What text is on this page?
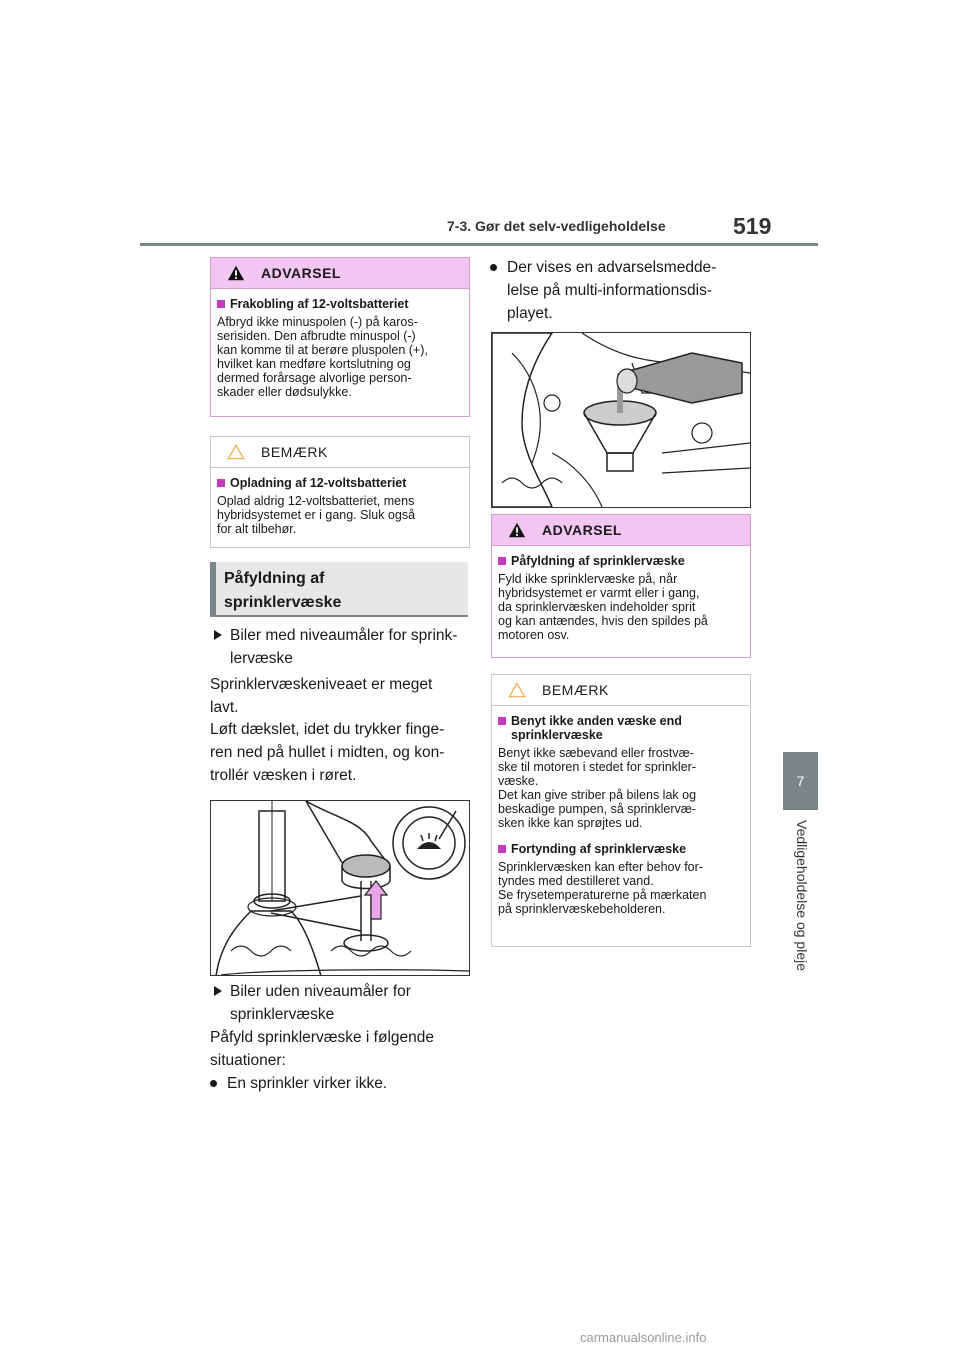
7-3. Gør det selv-vedligeholdelse	519
7
Vedligeholdelse og pleje
ADVARSEL
Frakobling af 12-voltsbatteriet
Afbryd ikke minuspolen (-) på karos-
serisiden. Den afbrudte minuspol (-)
kan komme til at berøre pluspolen (+),
hvilket kan medføre kortslutning og
dermed forårsage alvorlige person-
skader eller dødsulykke.
BEMÆRK
Opladning af 12-voltsbatteriet
Oplad aldrig 12-voltsbatteriet, mens
hybridsystemet er i gang. Sluk også
for alt tilbehør.
Påfyldning af
sprinklervæske
Biler med niveaumåler for sprink-
lervæske
Sprinklervæskeniveaet er meget
lavt.
Løft dækslet, idet du trykker finge-
ren ned på hullet i midten, og kon-
trollér væsken i røret.
Biler uden niveaumåler for
sprinklervæske
Påfyld sprinklervæske i følgende
situationer:
En sprinkler virker ikke.
Der vises en advarselsmedde-
lelse på multi-informationsdis-
playet.
ADVARSEL
Påfyldning af sprinklervæske
Fyld ikke sprinklervæske på, når
hybridsystemet er varmt eller i gang,
da sprinklervæsken indeholder sprit
og kan antændes, hvis den spildes på
motoren osv.
BEMÆRK
Benyt ikke anden væske end
sprinklervæske
Benyt ikke sæbevand eller frostvæ-
ske til motoren i stedet for sprinkler-
væske.
Det kan give striber på bilens lak og
beskadige pumpen, så sprinklervæ-
sken ikke kan sprøjtes ud.
Fortynding af sprinklervæske
Sprinklervæsken kan efter behov for-
tyndes med destilleret vand.
Se frysetemperaturerne på mærkaten
på sprinklervæskebeholderen.
carmanualsonline.info
